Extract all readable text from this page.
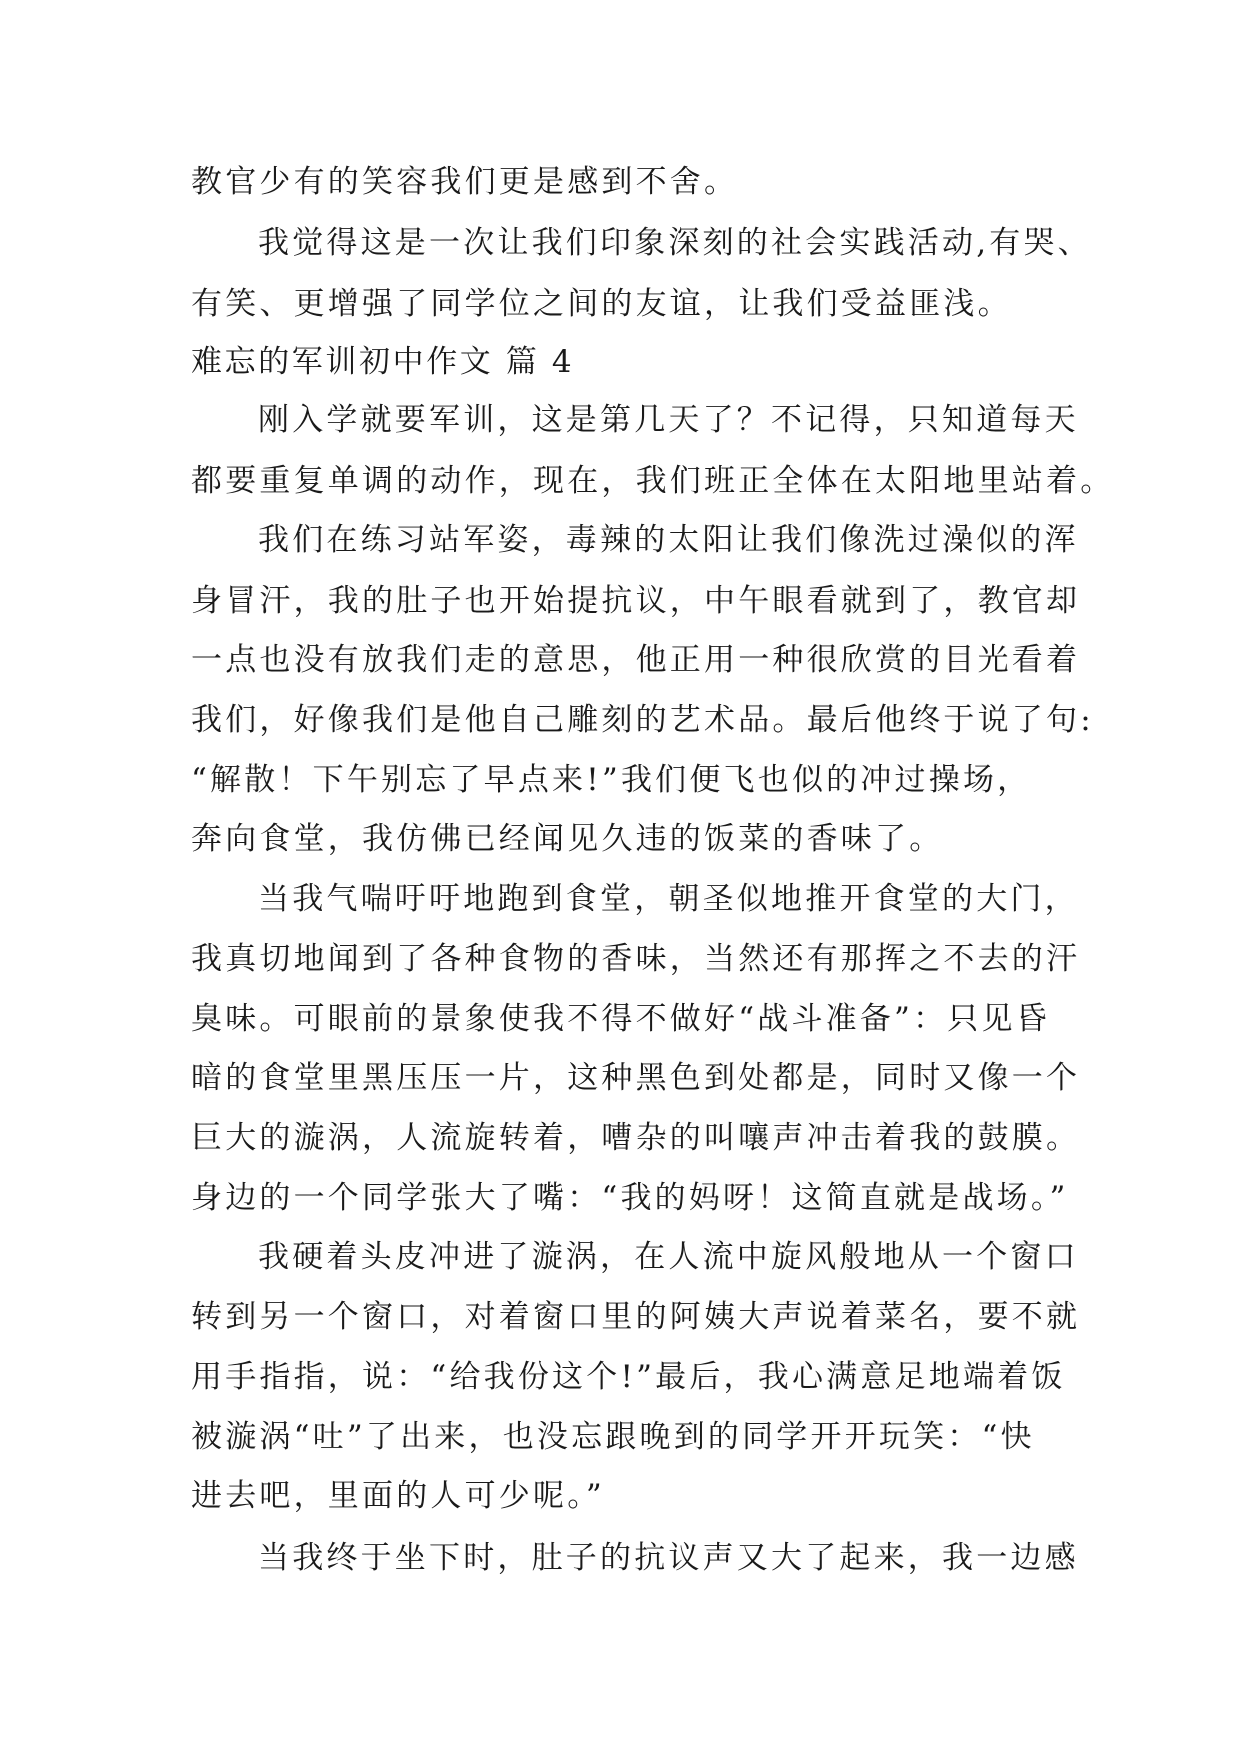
教官少有的笑容我们更是感到不舍。

我觉得这是一次让我们印象深刻的社会实践活动,有哭、

有笑、更增强了同学位之间的友谊，让我们受益匪浅。

难忘的军训初中作文 篇 4

刚入学就要军训，这是第几天了？不记得，只知道每天

都要重复单调的动作，现在，我们班正全体在太阳地里站着。

我们在练习站军姿，毒辣的太阳让我们像洗过澡似的浑

身冒汗，我的肚子也开始提抗议，中午眼看就到了，教官却

一点也没有放我们走的意思，他正用一种很欣赏的目光看着

我们，好像我们是他自己雕刻的艺术品。最后他终于说了句:

“解散！下午别忘了早点来!”我们便飞也似的冲过操场，

奔向食堂，我仿佛已经闻见久违的饭菜的香味了。

当我气喘吁吁地跑到食堂，朝圣似地推开食堂的大门，

我真切地闻到了各种食物的香味，当然还有那挥之不去的汗

臭味。可眼前的景象使我不得不做好“战斗准备”：只见昏

暗的食堂里黑压压一片，这种黑色到处都是，同时又像一个

巨大的漩涡，人流旋转着，嘈杂的叫嚷声冲击着我的鼓膜。

身边的一个同学张大了嘴：“我的妈呀！这简直就是战场。”

我硬着头皮冲进了漩涡，在人流中旋风般地从一个窗口

转到另一个窗口，对着窗口里的阿姨大声说着菜名，要不就

用手指指，说：“给我份这个!”最后，我心满意足地端着饭

被漩涡“吐”了出来，也没忘跟晚到的同学开开玩笑：“快

进去吧，里面的人可少呢。”

当我终于坐下时，肚子的抗议声又大了起来，我一边感
